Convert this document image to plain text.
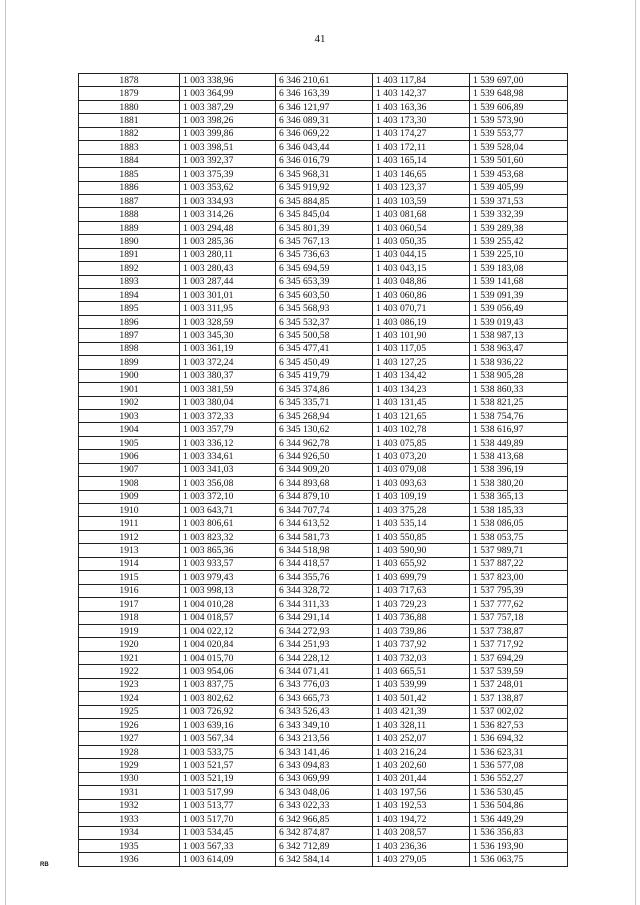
41
1878	1 003 338,96	6 346 210,61	1 403 117,84	1 539 697,00
1879	1 003 364,99	6 346 163,39	1 403 142,37	1 539 648,98
1880	1 003 387,29	6 346 121,97	1 403 163,36	1 539 606,89
1881	1 003 398,26	6 346 089,31	1 403 173,30	1 539 573,90
1882	1 003 399,86	6 346 069,22	1 403 174,27	1 539 553,77
1883	1 003 398,51	6 346 043,44	1 403 172,11	1 539 528,04
1884	1 003 392,37	6 346 016,79	1 403 165,14	1 539 501,60
1885	1 003 375,39	6 345 968,31	1 403 146,65	1 539 453,68
1886	1 003 353,62	6 345 919,92	1 403 123,37	1 539 405,99
1887	1 003 334,93	6 345 884,85	1 403 103,59	1 539 371,53
1888	1 003 314,26	6 345 845,04	1 403 081,68	1 539 332,39
1889	1 003 294,48	6 345 801,39	1 403 060,54	1 539 289,38
1890	1 003 285,36	6 345 767,13	1 403 050,35	1 539 255,42
1891	1 003 280,11	6 345 736,63	1 403 044,15	1 539 225,10
1892	1 003 280,43	6 345 694,59	1 403 043,15	1 539 183,08
1893	1 003 287,44	6 345 653,39	1 403 048,86	1 539 141,68
1894	1 003 301,01	6 345 603,50	1 403 060,86	1 539 091,39
1895	1 003 311,95	6 345 568,93	1 403 070,71	1 539 056,49
1896	1 003 328,59	6 345 532,37	1 403 086,19	1 539 019,43
1897	1 003 345,30	6 345 500,58	1 403 101,90	1 538 987,13
1898	1 003 361,19	6 345 477,41	1 403 117,05	1 538 963,47
1899	1 003 372,24	6 345 450,49	1 403 127,25	1 538 936,22
1900	1 003 380,37	6 345 419,79	1 403 134,42	1 538 905,28
1901	1 003 381,59	6 345 374,86	1 403 134,23	1 538 860,33
1902	1 003 380,04	6 345 335,71	1 403 131,45	1 538 821,25
1903	1 003 372,33	6 345 268,94	1 403 121,65	1 538 754,76
1904	1 003 357,79	6 345 130,62	1 403 102,78	1 538 616,97
1905	1 003 336,12	6 344 962,78	1 403 075,85	1 538 449,89
1906	1 003 334,61	6 344 926,50	1 403 073,20	1 538 413,68
1907	1 003 341,03	6 344 909,20	1 403 079,08	1 538 396,19
1908	1 003 356,08	6 344 893,68	1 403 093,63	1 538 380,20
1909	1 003 372,10	6 344 879,10	1 403 109,19	1 538 365,13
1910	1 003 643,71	6 344 707,74	1 403 375,28	1 538 185,33
1911	1 003 806,61	6 344 613,52	1 403 535,14	1 538 086,05
1912	1 003 823,32	6 344 581,73	1 403 550,85	1 538 053,75
1913	1 003 865,36	6 344 518,98	1 403 590,90	1 537 989,71
1914	1 003 933,57	6 344 418,57	1 403 655,92	1 537 887,22
1915	1 003 979,43	6 344 355,76	1 403 699,79	1 537 823,00
1916	1 003 998,13	6 344 328,72	1 403 717,63	1 537 795,39
1917	1 004 010,28	6 344 311,33	1 403 729,23	1 537 777,62
1918	1 004 018,57	6 344 291,14	1 403 736,88	1 537 757,18
1919	1 004 022,12	6 344 272,93	1 403 739,86	1 537 738,87
1920	1 004 020,84	6 344 251,93	1 403 737,92	1 537 717,92
1921	1 004 015,70	6 344 228,12	1 403 732,03	1 537 694,29
1922	1 003 954,06	6 344 071,41	1 403 665,51	1 537 539,59
1923	1 003 837,75	6 343 776,03	1 403 539,99	1 537 248,01
1924	1 003 802,62	6 343 665,73	1 403 501,42	1 537 138,87
1925	1 003 726,92	6 343 526,43	1 403 421,39	1 537 002,02
1926	1 003 639,16	6 343 349,10	1 403 328,11	1 536 827,53
1927	1 003 567,34	6 343 213,56	1 403 252,07	1 536 694,32
1928	1 003 533,75	6 343 141,46	1 403 216,24	1 536 623,31
1929	1 003 521,57	6 343 094,83	1 403 202,60	1 536 577,08
1930	1 003 521,19	6 343 069,99	1 403 201,44	1 536 552,27
1931	1 003 517,99	6 343 048,06	1 403 197,56	1 536 530,45
1932	1 003 513,77	6 343 022,33	1 403 192,53	1 536 504,86
1933	1 003 517,70	6 342 966,85	1 403 194,72	1 536 449,29
1934	1 003 534,45	6 342 874,87	1 403 208,57	1 536 356,83
1935	1 003 567,33	6 342 712,89	1 403 236,36	1 536 193,90
1936	1 003 614,09	6 342 584,14	1 403 279,05	1 536 063,75
RB
